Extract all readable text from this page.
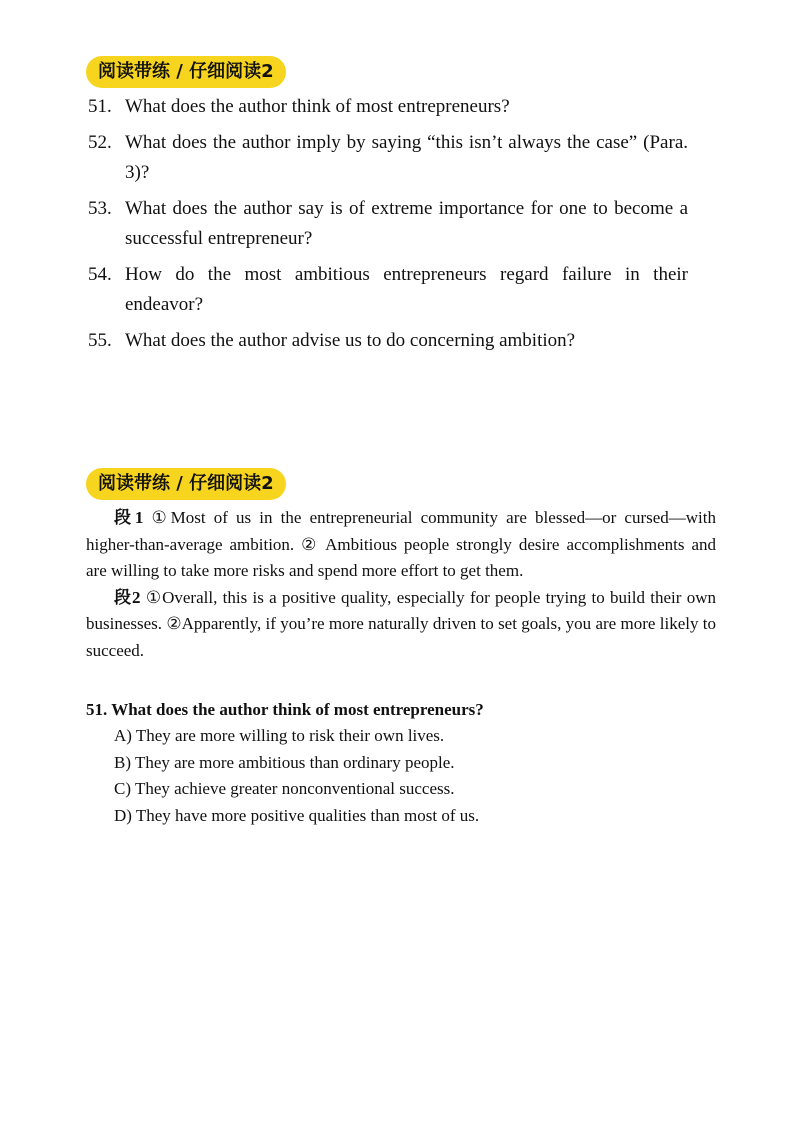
阅读带练 / 仔细阅读2
51. What does the author think of most entrepreneurs?
52. What does the author imply by saying “this isn’t always the case” (Para. 3)?
53. What does the author say is of extreme importance for one to become a successful entrepreneur?
54. How do the most ambitious entrepreneurs regard failure in their endeavor?
55. What does the author advise us to do concerning ambition?
阅读带练 / 仔细阅读2

段1 ①Most of us in the entrepreneurial community are blessed—or cursed—with higher-than-average ambition. ② Ambitious people strongly desire accomplishments and are willing to take more risks and spend more effort to get them.

段2 ①Overall, this is a positive quality, especially for people trying to build their own businesses. ②Apparently, if you’re more naturally driven to set goals, you are more likely to succeed.

51. What does the author think of most entrepreneurs?
A) They are more willing to risk their own lives.
B) They are more ambitious than ordinary people.
C) They achieve greater nonconventional success.
D) They have more positive qualities than most of us.
